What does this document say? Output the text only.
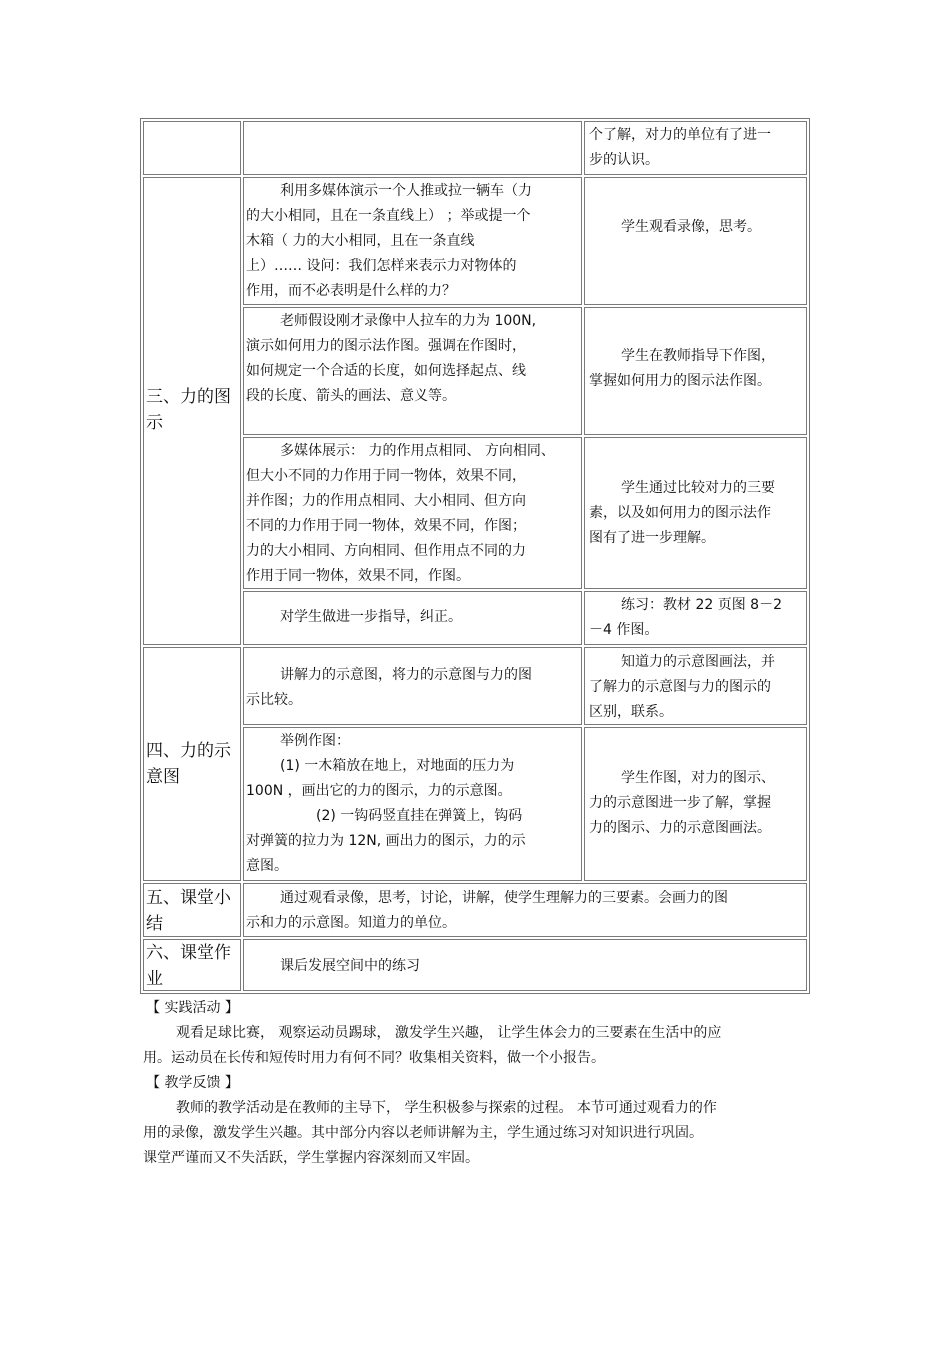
个了解，对力的单位有了进一
步的认识。
三、力的图
示
利用多媒体演示一个人推或拉一辆车（力
的大小相同，且在一条直线上） ；举或提一个
木箱（ 力的大小相同，且在一条直线
上）…… 设问：我们怎样来表示力对物体的
作用，而不必表明是什么样的力？
学生观看录像，思考。
老师假设刚才录像中人拉车的力为 100N,
演示如何用力的图示法作图。强调在作图时，
如何规定一个合适的长度，如何选择起点、线
段的长度、箭头的画法、意义等。
学生在教师指导下作图，
掌握如何用力的图示法作图。
多媒体展示： 力的作用点相同、 方向相同、
但大小不同的力作用于同一物体，效果不同，
并作图；力的作用点相同、大小相同、但方向
不同的力作用于同一物体，效果不同，作图；
力的大小相同、方向相同、但作用点不同的力
作用于同一物体，效果不同，作图。
学生通过比较对力的三要
素，以及如何用力的图示法作
图有了进一步理解。
对学生做进一步指导，纠正。
练习：教材 22 页图 8－2
－4 作图。
四、力的示
意图
讲解力的示意图，将力的示意图与力的图
示比较。
知道力的示意图画法，并
了解力的示意图与力的图示的
区别，联系。
举例作图：
(1) 一木箱放在地上，对地面的压力为
100N ，画出它的力的图示，力的示意图。
(2) 一钩码竖直挂在弹簧上，钩码
对弹簧的拉力为 12N, 画出力的图示，力的示
意图。
学生作图，对力的图示、
力的示意图进一步了解，掌握
力的图示、力的示意图画法。
五、课堂小
结
通过观看录像，思考，讨论，讲解，使学生理解力的三要素。会画力的图
示和力的示意图。知道力的单位。
六、课堂作
业
课后发展空间中的练习
【 实践活动 】
观看足球比赛， 观察运动员踢球， 激发学生兴趣， 让学生体会力的三要素在生活中的应
用。运动员在长传和短传时用力有何不同？收集相关资料，做一个小报告。
【 教学反馈 】
教师的教学活动是在教师的主导下， 学生积极参与探索的过程。 本节可通过观看力的作
用的录像，激发学生兴趣。其中部分内容以老师讲解为主，学生通过练习对知识进行巩固。
课堂严谨而又不失活跃，学生掌握内容深刻而又牢固。
